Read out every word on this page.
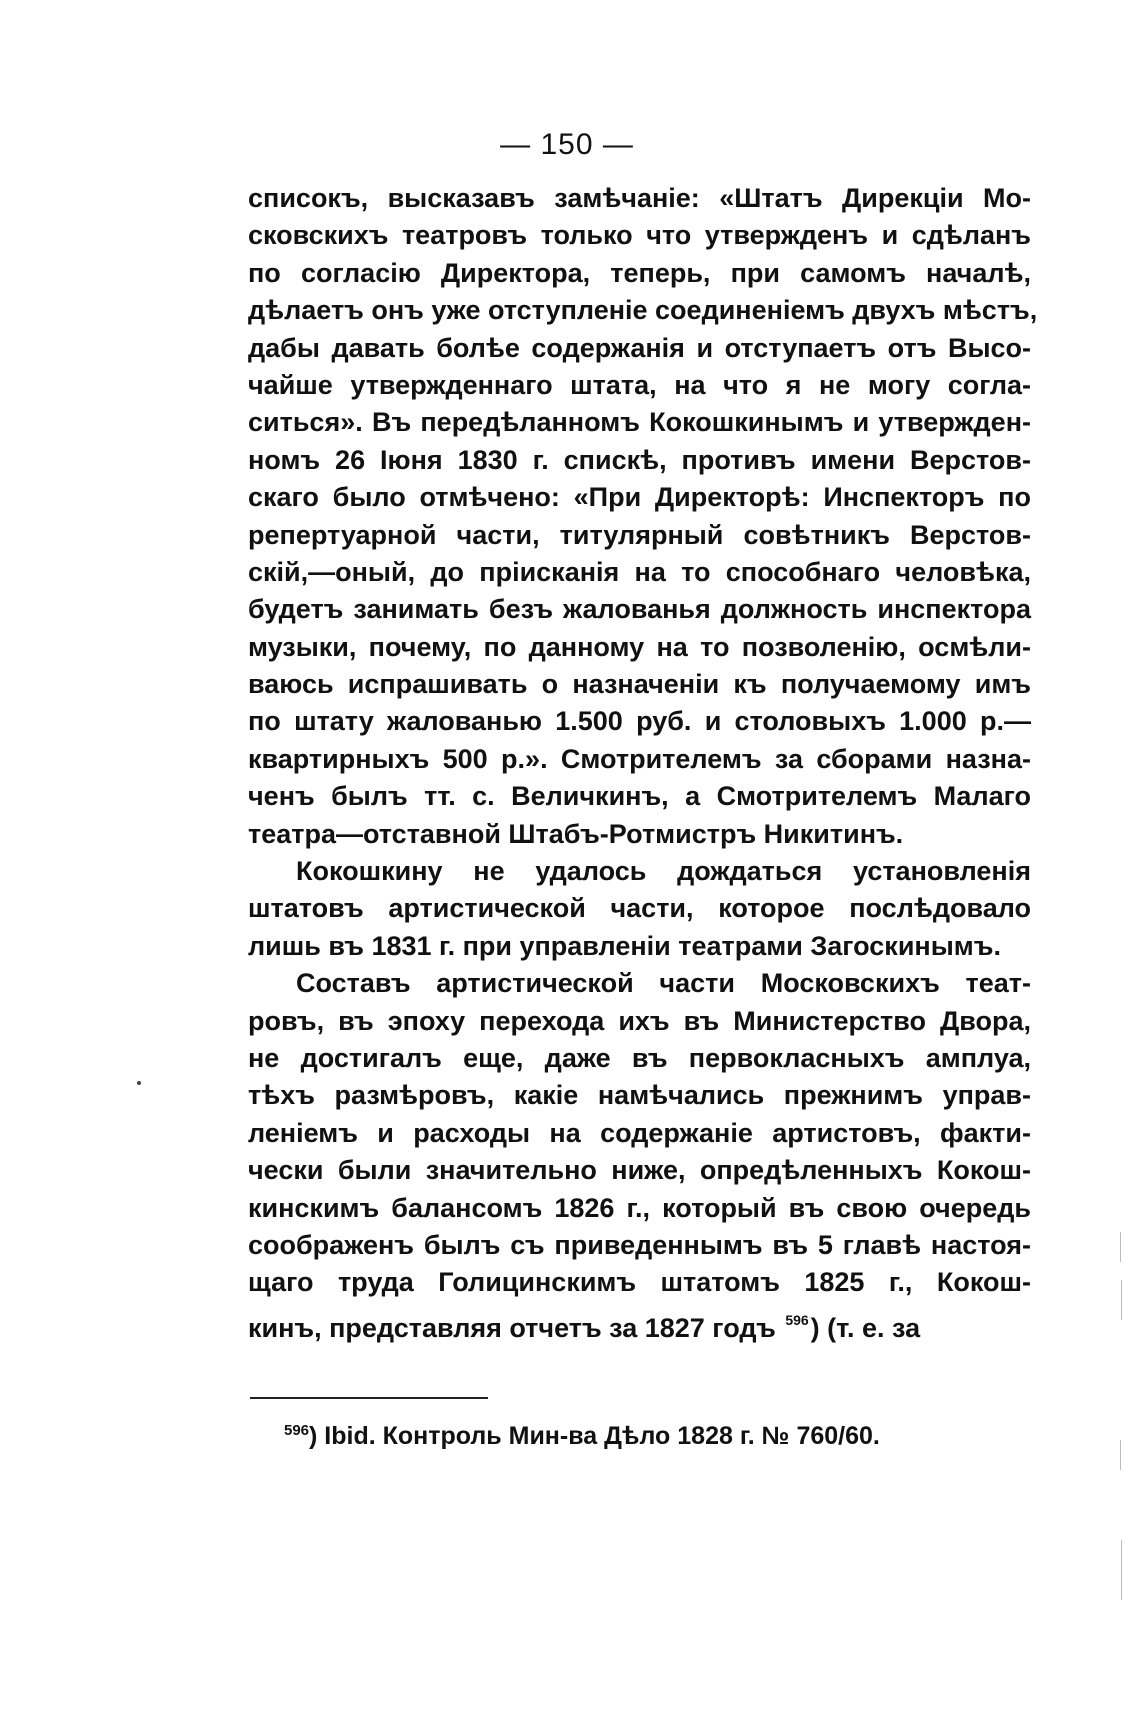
— 150 —
списокъ, высказавъ замѣчаніе: «Штатъ Дирекціи Мо-
сковскихъ театровъ только что утвержденъ и сдѣланъ
по согласію Директора, теперь, при самомъ началѣ,
дѣлаетъ онъ уже отступленіе соединеніемъ двухъ мѣстъ,
дабы давать болѣе содержанія и отступаетъ отъ Высо-
чайше утвержденнаго штата, на что я не могу согла-
ситься». Въ передѣланномъ Кокошкинымъ и утвержден-
номъ 26 Іюня 1830 г. спискѣ, противъ имени Верстов-
скаго было отмѣчено: «При Директорѣ: Инспекторъ по
репертуарной части, титулярный совѣтникъ Верстов-
скій,—оный, до пріисканія на то способнаго человѣка,
будетъ занимать безъ жалованья должность инспектора
музыки, почему, по данному на то позволенію, осмѣли-
ваюсь испрашивать о назначеніи къ получаемому имъ
по штату жалованью 1.500 руб. и столовыхъ 1.000 р.—
квартирныхъ 500 р.». Смотрителемъ за сборами назна-
ченъ былъ тт. с. Величкинъ, а Смотрителемъ Малаго
театра—отставной Штабъ-Ротмистръ Никитинъ.
Кокошкину не удалось дождаться установленія
штатовъ артистической части, которое послѣдовало
лишь въ 1831 г. при управленіи театрами Загоскинымъ.
Составъ артистической части Московскихъ теат-
ровъ, въ эпоху перехода ихъ въ Министерство Двора,
не достигалъ еще, даже въ первокласныхъ амплуа,
тѣхъ размѣровъ, какіе намѣчались прежнимъ управ-
леніемъ и расходы на содержаніе артистовъ, факти-
чески были значительно ниже, опредѣленныхъ Кокош-
кинскимъ балансомъ 1826 г., который въ свою очередь
соображенъ былъ съ приведеннымъ въ 5 главѣ настоя-
щаго труда Голицинскимъ штатомъ 1825 г., Кокош-
кинъ, представляя отчетъ за 1827 годъ 596) (т. е. за
$^{596}$) Ibid. Контроль Мин-ва Дѣло 1828 г. № 760/60.
